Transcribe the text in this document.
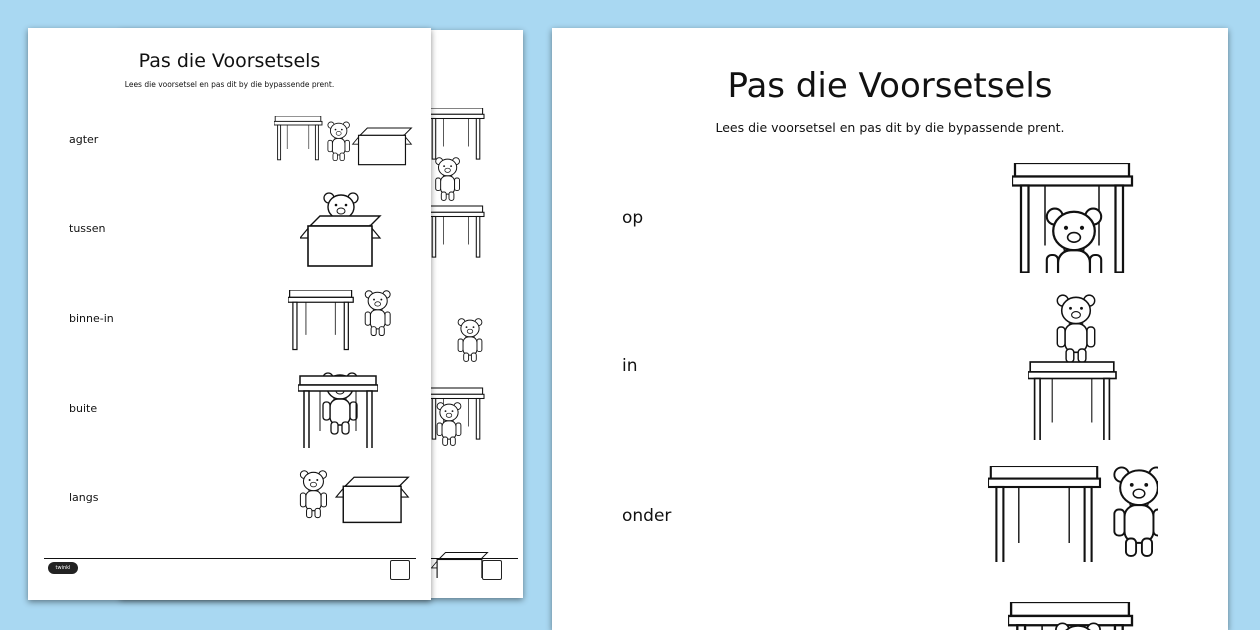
Pas die Voorsetsels
Lees die voorsetsel en pas dit by die bypassende prent.
agter
tussen
binne-in
buite
langs
twinkl
Pas die Voorsetsels
Lees die voorsetsel en pas dit by die bypassende prent.
op
in
onder
